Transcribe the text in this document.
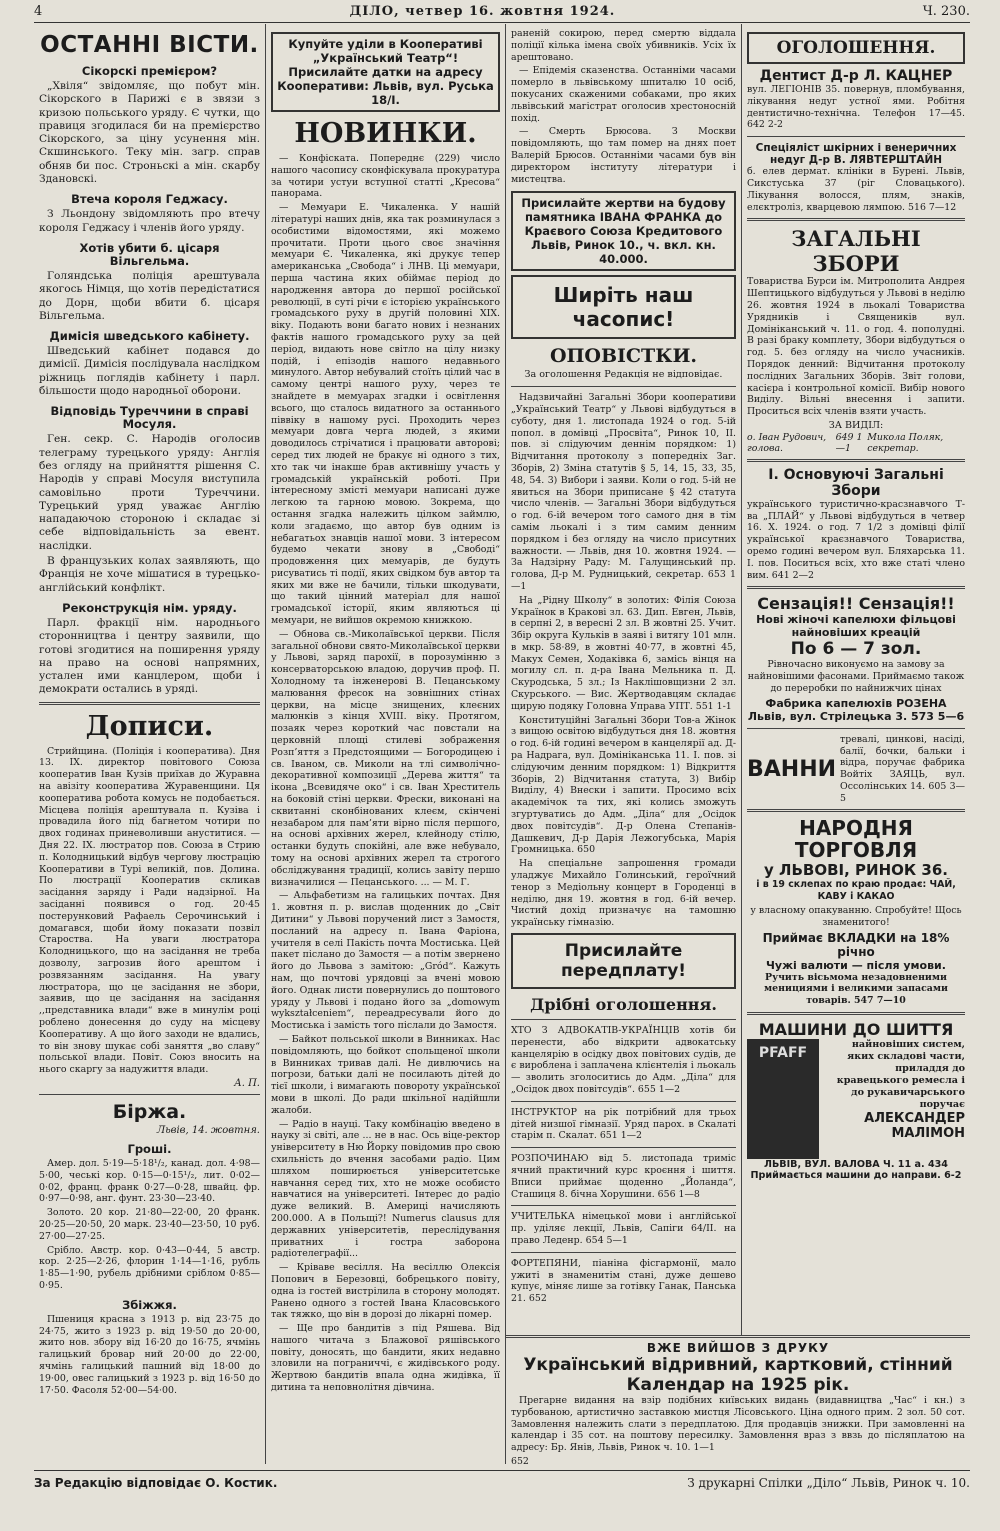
4	ДІЛО, четвер 16. жовтня 1924.	Ч. 230.
ОСТАННІ ВІСТИ.
Сікорскі премієром?

„Хвіля“ звідомляє, що побут мін. Сікорского в Парижі є в звязи з кризою польського уряду. Є чутки, що правиця згодилася би на премієрство Сікорского, за ціну усунення мін. Скшинського. Теку мін. загр. справ обняв би пос. Строньскі а мін. скарбу Здановскі.

Втеча короля Геджасу.

З Льондону звідомляють про втечу короля Геджасу і членів його уряду.

Хотів убити б. цісаря Вільгельма.

Голяндська поліція арештувала якогось Німця, що хотів передістатися до Дорн, щоби вбити б. цісаря Вільгельма.

Димісія шведського кабінету.

Шведський кабінет подався до димісії. Димісія послідувала наслідком ріжниць поглядів кабінету і парл. більшости щодо народньої оборони.

Відповідь Туреччини в справі Мосуля.

Ген. секр. С. Народів оголосив телеграму турецького уряду: Англія без огляду на прийняття рішення С. Народів у справі Мосуля виступила самовільно проти Туреччини. Турецький уряд уважає Англію нападаючою стороною і складає зі себе відповідальність за евент. наслідки.

В французьких колах заявляють, що Франція не хоче мішатися в турецько-англійський конфлікт.

Реконструкція нім. уряду.

Парл. фракції нім. народнього сторонництва і центру заявили, що готові згодитися на поширення уряду на право на основі напрямних, устален ими канцлером, щоби і демократи остались в уряді.

Дописи.

Стрийщина. (Поліція і кооператива). Дня 13. IX. директор повітового Союза кооператив Іван Кузів приїхав до Журавна на авізіту кооператива Журавенщини. Ця кооператива робота комусь не подобається. Місцева поліція арештувала п. Кузіва і провадила його під багнетом чотири по двох годинах приневоливши ануститися. — Дня 22. IX. люстратор пов. Союза в Стрию п. Колодницький відбув чергову люстрацію Кооперативи в Турі великій, пов. Долина. По люстрації Кооператив скликав засідання заряду і Ради надзірної. На засіданні появився о год. 20·45 постерунковий Рафаель Серочинський і домагався, щоби йому показати позвіл Староства. На уваги люстратора Колодницького, що на засідання не треба дозволу, загрозив його арештом і розвязанням засідання. На увагу люстратора, що це засідання не збори, заявив, що це засідання на засідання ,,представника влади“ вже в минулім році роблено донесення до суду на місцеву Кооперативу. А що його заходи не вдались, то він знову шукає собі заняття „во славу“ польської влади. Повіт. Союз вносить на нього скаргу за надужиття влади.

А. П.
Біржа.
Львів, 14. жовтня.
Гроші.

Амер. дол. 5·19—5·18¹/₂, канад. дол. 4·98—5·00, чеські кор. 0·15—0·15¹/₂, лит. 0·02—0·02, франц. франк 0·27—0·28, швайц. фр. 0·97—0·98, анг. фунт. 23·30—23·40.

Золото. 20 кор. 21·80—22·00, 20 франк. 20·25—20·50, 20 марк. 23·40—23·50, 10 руб. 27·00—27·25.

Срібло. Австр. кор. 0·43—0·44, 5 австр. кор. 2·25—2·26, флорин 1·14—1·16, рубль 1·85—1·90, рубель дрібними сріблом 0·85—0·95.

Збіжжя.

Пшениця красна з 1913 р. від 23·75 до 24·75, жито з 1923 р. від 19·50 до 20·00, жито нов. збору від 16·20 до 16·75, ячмінь галицький бровар ний 20·00 до 22·00, ячмінь галицький пашний від 18·00 до 19·00, овес галицький з 1923 р. від 16·50 до 17·50. Фасоля 52·00—54·00.

Купуйте уділи в Кооперативі „Український Театр“! Присилайте датки на адресу Кооперативи: Львів, вул. Руська 18/I.
НОВИНКИ.

— Конфіската. Попереднє (229) число нашого часопису сконфіскувала прокуратура за чотири устуи вступної статті „Кресова“ панорама.

— Мемуари Е. Чикаленка. У нашій літературі наших днів, яка так розминулася з особистими відомостями, які можемо прочитати. Проти цього своє значіння мемуари Є. Чикаленка, які друкує тепер американська „Свобода“ і ЛНВ. Ці мемуари, перша частина яких обіймає період до народження автора до першої російської революції, в суті річи є історією українського громадського руху в другій половині XIX. віку. Подають вони багато нових і незнаних фактів нашого громадського руху за цей період, видають нове світло на цілу низку подій, і епізодів нашого недавнього минулого. Автор небувалий стоїть цілий час в самому центрі нашого руху, через те знайдете в мемуарах згадки і освітлення всього, що сталось видатного за останнього піввіку в нашому русі. Проходить через мемуари довга черга людей, з якими доводилось стрічатися і працювати авторові; серед тих людей не бракує ні одного з тих, хто так чи інакше брав активнішу участь у громадській українській роботі. При інтересному змісті мемуари написані дуже легкою та гарною мовою. Зокрема, що остання згадка належить цілком займлю, коли згадаємо, що автор був одним із небагатьох знавців нашої мови. З інтересом будемо чекати знову в „Свободі“ продовження цих мемуарів, де будуть рисуватись ті події, яких свідком був автор та яких ми вже не бачили, тільки шкодувати, що такий цінний матеріал для нашої громадської історії, яким являються ці мемуари, не вийшов окремою книжкою.

— Обнова св.-Миколаївської церкви. Після загальної обнови свято-Миколаївської церкви у Львові, заряд парохії, в порозумінню з консерваторською владою, доручив проф. П. Холодному та інженерові В. Пецанському малювання фресок на зовнішних стінах церкви, на місце знищених, клеєних малюнків з кінця XVIII. віку. Протягом, позаяк через короткий час повстали на церковній площі стилеві зображення Розп’яття з Предстоящими — Богородицею і св. Іваном, св. Миколи на тлі символічно-декоративної композиції „Дерева життя“ та ікона „Всевидяче око“ і св. Іван Хреститель на боковій стіні церкви. Фрески, виконані на сквитанні сконбінованих клеєм, скінчені незабаром для пам’яти вірно після першого, на основі архівних жерел, клейноду стілю, останки будуть спокійні, але вже небувало, тому на основі архівних жерел та строгого обсліджування традиції, колись завіту першо визначилися — Пецанського. ... — М. Г.

— Альфабетизм на галицьких почтах. Дня 1. жовтня п. р. вислав щоденник до „Світ Дитини“ у Львові поручений лист з Замостя, посланий на адресу п. Івана Фаріона, учителя в селі Пакість почта Мостиська. Цей пакет післано до Замостя — а потім звернено його до Львова з замітою: „Gród“. Кажуть нам, що почтові урядовці за вчені мовою його. Однак листи повернулись до поштового уряду у Львові і подано його за „domowym wykształceniem“, переадресували його до Мостиська і замість того післали до Замостя.

— Байкот польської школи в Винниках. Нас повідомляють, що бойкот спольщеної школи в Винниках тривав далі. Не дивлючись на погрози, батьки далі не посилають дітей до тієї школи, і вимагають повороту української мови в школі. До ради шкільної надійшли жалоби.

— Радіо в науці. Таку комбінацію введено в науку зі світі, але ... не в нас. Ось віце-ректор університету в Ню Йорку повідомив про свою схильність до вчення засобами радіо. Цим шляхом поширюється університетське навчання серед тих, хто не може особисто навчатися на університеті. Інтерес до радіо дуже великий. В. Америці начисляють 200.000. А в Польщі?! Numerus clausus для державних університетів, переслідування приватних і гостра заборона радіотелеграфії...

— Кріваве весілля. На весіллю Олексія Попович в Березовці, бобрецького повіту, одна із гостей вистрілила в сторону молодят. Ранено одного з гостей Івана Класовського так тяжко, що він в дорозі до лікарні помер.

— Ще про бандитів з під Ряшева. Від нашого читача з Блажової ряшівського повіту, доносять, що бандити, яких недавно зловили на пограниччі, є жидівського роду. Жертвою бандитів впала одна жидівка, її дитина та неповнолітня дівчина.

раненій сокирою, перед смертю віддала поліції кілька імена своїх убивників. Усіх їх арештовано.

— Епідемія сказенства. Останніми часами померло в львівському шпиталю 10 осіб, покусаних скаженими собаками, про яких львівський магістрат оголосив хрестоносній похід.

— Смерть Брюсова. З Москви повідомляють, що там помер на днях поет Валерій Брюсов. Останніми часами був він директором інституту літератури і мистецтва.

Присилайте жертви на будову памятника ІВАНА ФРАНКА до Краєвого Союза Кредитового Львів, Ринок 10., ч. вкл. кн. 40.000.
Ширіть наш часопис!
ОПОВІСТКИ.
За оголошення Редакція не відповідає.

Надзвичайні Загальні Збори кооперативи „Український Театр“ у Львові відбудуться в суботу, дня 1. листопада 1924 о год. 5-ій попол. в домівці „Просвіта“, Ринок 10, II. пов. зі слідуючим деннім порядком: 1) Відчитання протоколу з попередніх Заг. Зборів, 2) Зміна статутів § 5, 14, 15, 33, 35, 48, 54. 3) Вибори і заяви. Коли о год. 5-ій не явиться на Збори приписане § 42 статута число членів. — Загальні Збори відбудуться о год. 6-ій вечером того самого дня в тім самім льокалі і з тим самим денним порядком і без огляду на число присутних важности. — Львів, дня 10. жовтня 1924. — За Надзірну Раду: М. Галущинський пр. голова, Д-р М. Рудницький, секретар. 653 1—1

На „Рідну Школу“ в золотих: Філія Союза Українок в Кракові зл. 63. Дип. Евген, Львів, в серпні 2, в вересні 2 зл. В жовтні 25. Учит. Збір округа Кульків в заяві і витягу 101 млн. в мкр. 58·89, в жовтні 40·77, в жовтні 45, Макух Семен, Ходаківка 6, замісь вінця на могилу сл. п. д-ра Івана Мельника п. Д. Скуродська, 5 зл.; Із Наклішовщизни 2 зл. Скурського. — Вис. Жертводавцям складає щирую подяку Головна Управа УПТ. 551 1-1

Конституційні Загальні Збори Тов-а Жінок з вищою освітою відбудуться дня 18. жовтня о год. 6-ій годині вечером в канцелярії ад. Д-ра Надрага, вул. Домініканська 11. І. пов. зі слідуючим денним порядком: 1) Відкриття Зборів, 2) Відчитання статута, 3) Вибір Виділу, 4) Внески і запити. Просимо всіх академічок та тих, які колись зможуть згуртуватись до Адм. „Діла“ для „Осідок двох повітсудів“. Д-р Олена Степанів-Дашкевич, Д-р Дарія Лежогубська, Марія Громницька. 650

На спеціальне запрошення громади уладжує Михайло Голинський, героїчний тенор з Медіольну концерт в Городенці в неділю, дня 19. жовтня в год. 6-ій вечер. Чистий дохід призначує на тамошню українську гімназію.

Присилайте передплату!
Дрібні оголошення.

ХТО З АДВОКАТІВ-УКРАЇНЦІВ хотів би перенести, або відкрити адвокатську канцелярію в осідку двох повітових судів, де є виробленa і заплачена клієнтелія і льокаль — зволить зголоситись до Адм. „Діла“ для „Осідок двох повітсудів“. 655 1—2

ІНСТРУКТОР на рік потрібний для трьох дітей низшої гімназії. Уряд парох. в Скалаті старім п. Скалат. 651 1—2

РОЗПОЧИНАЮ від 5. листопада триміс ячний практичний курс кроєння і шиття. Вписи приймає щоденно „Йоланда“, Сташиця 8. бічна Хорушини. 656 1—8

УЧИТЕЛЬКА німецької мови і англійської пр. уділяє лекції, Львів, Сапіги 64/II. на право Леденр. 654 5—1

ФОРТЕПЯНИ, піаніна фісгармонії, мало ужиті в знаменитім стані, дуже дешево купує, міняє лише за готівку Ганак, Панська 21. 652

ОГОЛОШЕННЯ.
Дентист Д-р Л. КАЦНЕР

вул. ЛЕГІОНІВ 35. повернув, пломбування, лікування недуг устної ями. Робітня дентистично-технічна. Телефон 17—45. 642 2-2

Спеціяліст шкірних і венеричних недуг Д-р В. ЛЯВТЕРШТАЙН

б. елев дермат. клініки в Бурені. Львів, Сикстуська 37 (ріг Словацького). Лікування волосся, плям, знаків, елєктроліз, кварцевою лямпою. 516 7—12

ЗАГАЛЬНІ ЗБОРИ

Товариства Бурси ім. Митрополита Андрея Шептицького відбудуться у Львові в неділю 26. жовтня 1924 в льокалі Товариства Урядників і Священиків вул. Домініканський ч. 11. о год. 4. пополудні. В разі браку комплету, Збори відбудуться о год. 5. без огляду на число учасників. Порядок денний: Відчитання протоколу послідних Загальних Зборів. Звіт голови, касієра і контрольної комісії. Вибір нового Виділу. Вільні внесення і запити. Проситься всіх членів взяти участь.

ЗА ВИДІЛ:
о. Іван Рудович, голова.
649 1—1
Микола Поляк, секретар.
І. Основуючі Загальні Збори

українського туристично-красзнавчого Т-ва „ПЛАЙ“ у Львові відбудуться в четвер 16. Х. 1924. о год. 7 1/2 з домівці філії української краєзнавчого Товариства, оремо годині вечером вул. Бляхарська 11. І. пов. Поситься всіх, хто вже статі члено вим. 641 2—2

Сензація!! Сензація!!
Нові жіночі капелюхи фільцові найновіших креацій
По 6 — 7 зол.

Рівночасно виконуємо на замову за найновішими фасонами. Приймаємо також до переробки по найнижчих цінах

Фабрика капелюхів РОЗЕНА Львів, вул. Стрілецька 3. 573 5—6
ВАННИ

тревалі, цинкові, насіді, балії, бочки, бальки і відра, поручає фабрика Войтіх ЗАЯЦЬ, вул. Оссолінських 14. 605 3—5

НАРОДНЯ ТОРГОВЛЯ
у ЛЬВОВІ, РИНОК 36.

і в 19 склепах по краю продає: ЧАЙ, КАВУ і КАКАО

у власному опакуванню. Спробуйте! Щось знаменитого!

Приймає ВКЛАДКИ на 18% річно
Чужі валюти — після умови.

Ручить вісьмома незадовненими менициями і великими запасами товарів. 547 7—10

МАШИНИ ДО ШИТТЯ
PFAFF
найновіших систем, яких складові части, приладдя до кравецького ремесла і до рукавичарського поручає
АЛЕКСАНДЕР МАЛІМОН
ЛЬВІВ, ВУЛ. ВАЛОВА Ч. 11 а. 434
Приймається машини до направи. 6-2
ВЖЕ ВИЙШОВ З ДРУКУ
Український відривний, картковий, стінний Календар на 1925 рік.

Прегарне видання на взір подібних київських видань (видавництва „Час“ і кн.) з турбованою, артистично заставкою мистця Лісовського. Ціна одного прим. 2 зол. 50 сот. Замовлення належить слати з передплатою. Для продавців знижки. При замовленні на календар і 35 сот. на поштову пересилку. Замовлення враз з ввзь до післяплатою на адресу: Бр. Янів, Львів, Ринок ч. 10. 1—1

652
За Редакцію відповідає О. Костик.	З друкарні Спілки „Діло“ Львів, Ринок ч. 10.
